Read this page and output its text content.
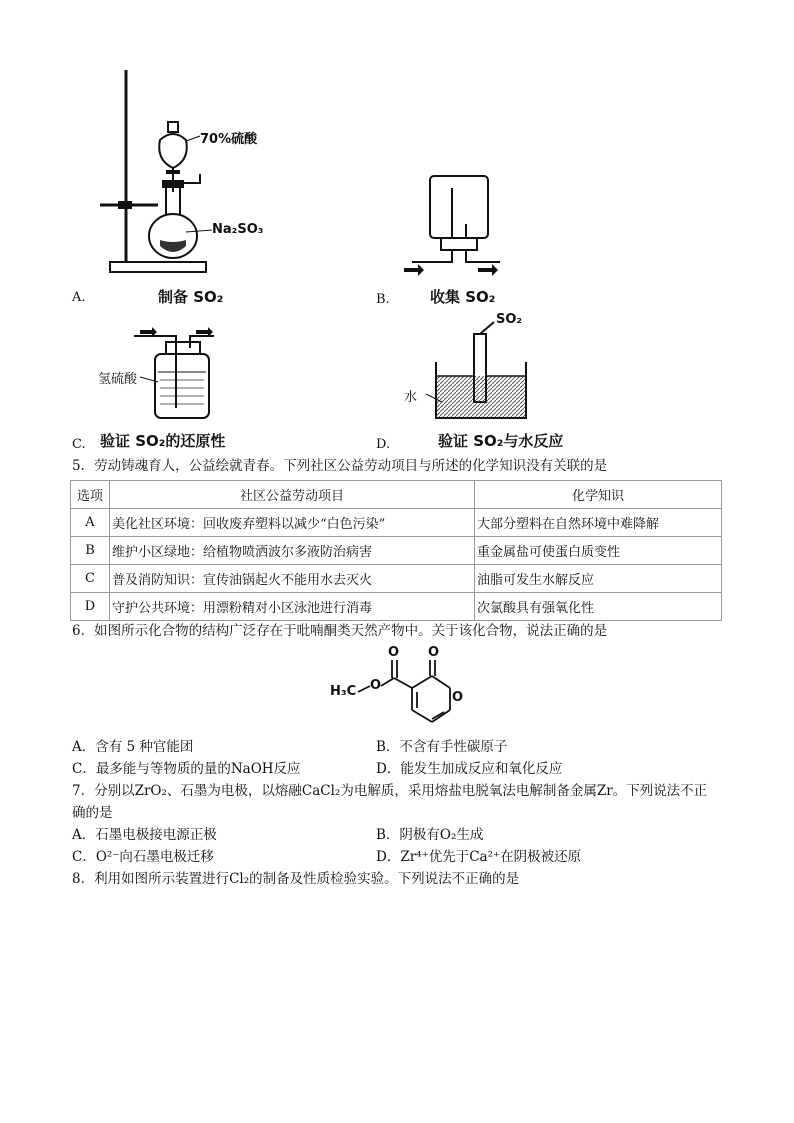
70%硫酸
Na₂SO₃
A.	制备 SO₂	B.	收集 SO₂
氢硫酸
C. 验证 SO₂的还原性
SO₂
水
D.	验证 SO₂与水反应
5．劳动铸魂育人，公益绘就青春。下列社区公益劳动项目与所述的化学知识没有关联的是
选项	社区公益劳动项目	化学知识
A	美化社区环境：回收废弃塑料以减少“白色污染”	大部分塑料在自然环境中难降解
B	维护小区绿地：给植物喷洒波尔多液防治病害	重金属盐可使蛋白质变性
C	普及消防知识：宣传油锅起火不能用水去灭火	油脂可发生水解反应
D	守护公共环境：用漂粉精对小区泳池进行消毒	次氯酸具有强氧化性
6．如图所示化合物的结构广泛存在于吡喃酮类天然产物中。关于该化合物，说法正确的是
H₃C O
O O
O
A．含有 5 种官能团	B．不含有手性碳原子
C．最多能与等物质的量的NaOH反应	D．能发生加成反应和氧化反应
7．分别以ZrO₂、石墨为电极，以熔融CaCl₂为电解质，采用熔盐电脱氧法电解制备金属Zr。下列说法不正
确的是
A．石墨电极接电源正极	B．阴极有O₂生成
C．O²⁻向石墨电极迁移	D．Zr⁴⁺优先于Ca²⁺在阴极被还原
8．利用如图所示装置进行Cl₂的制备及性质检验实验。下列说法不正确的是
